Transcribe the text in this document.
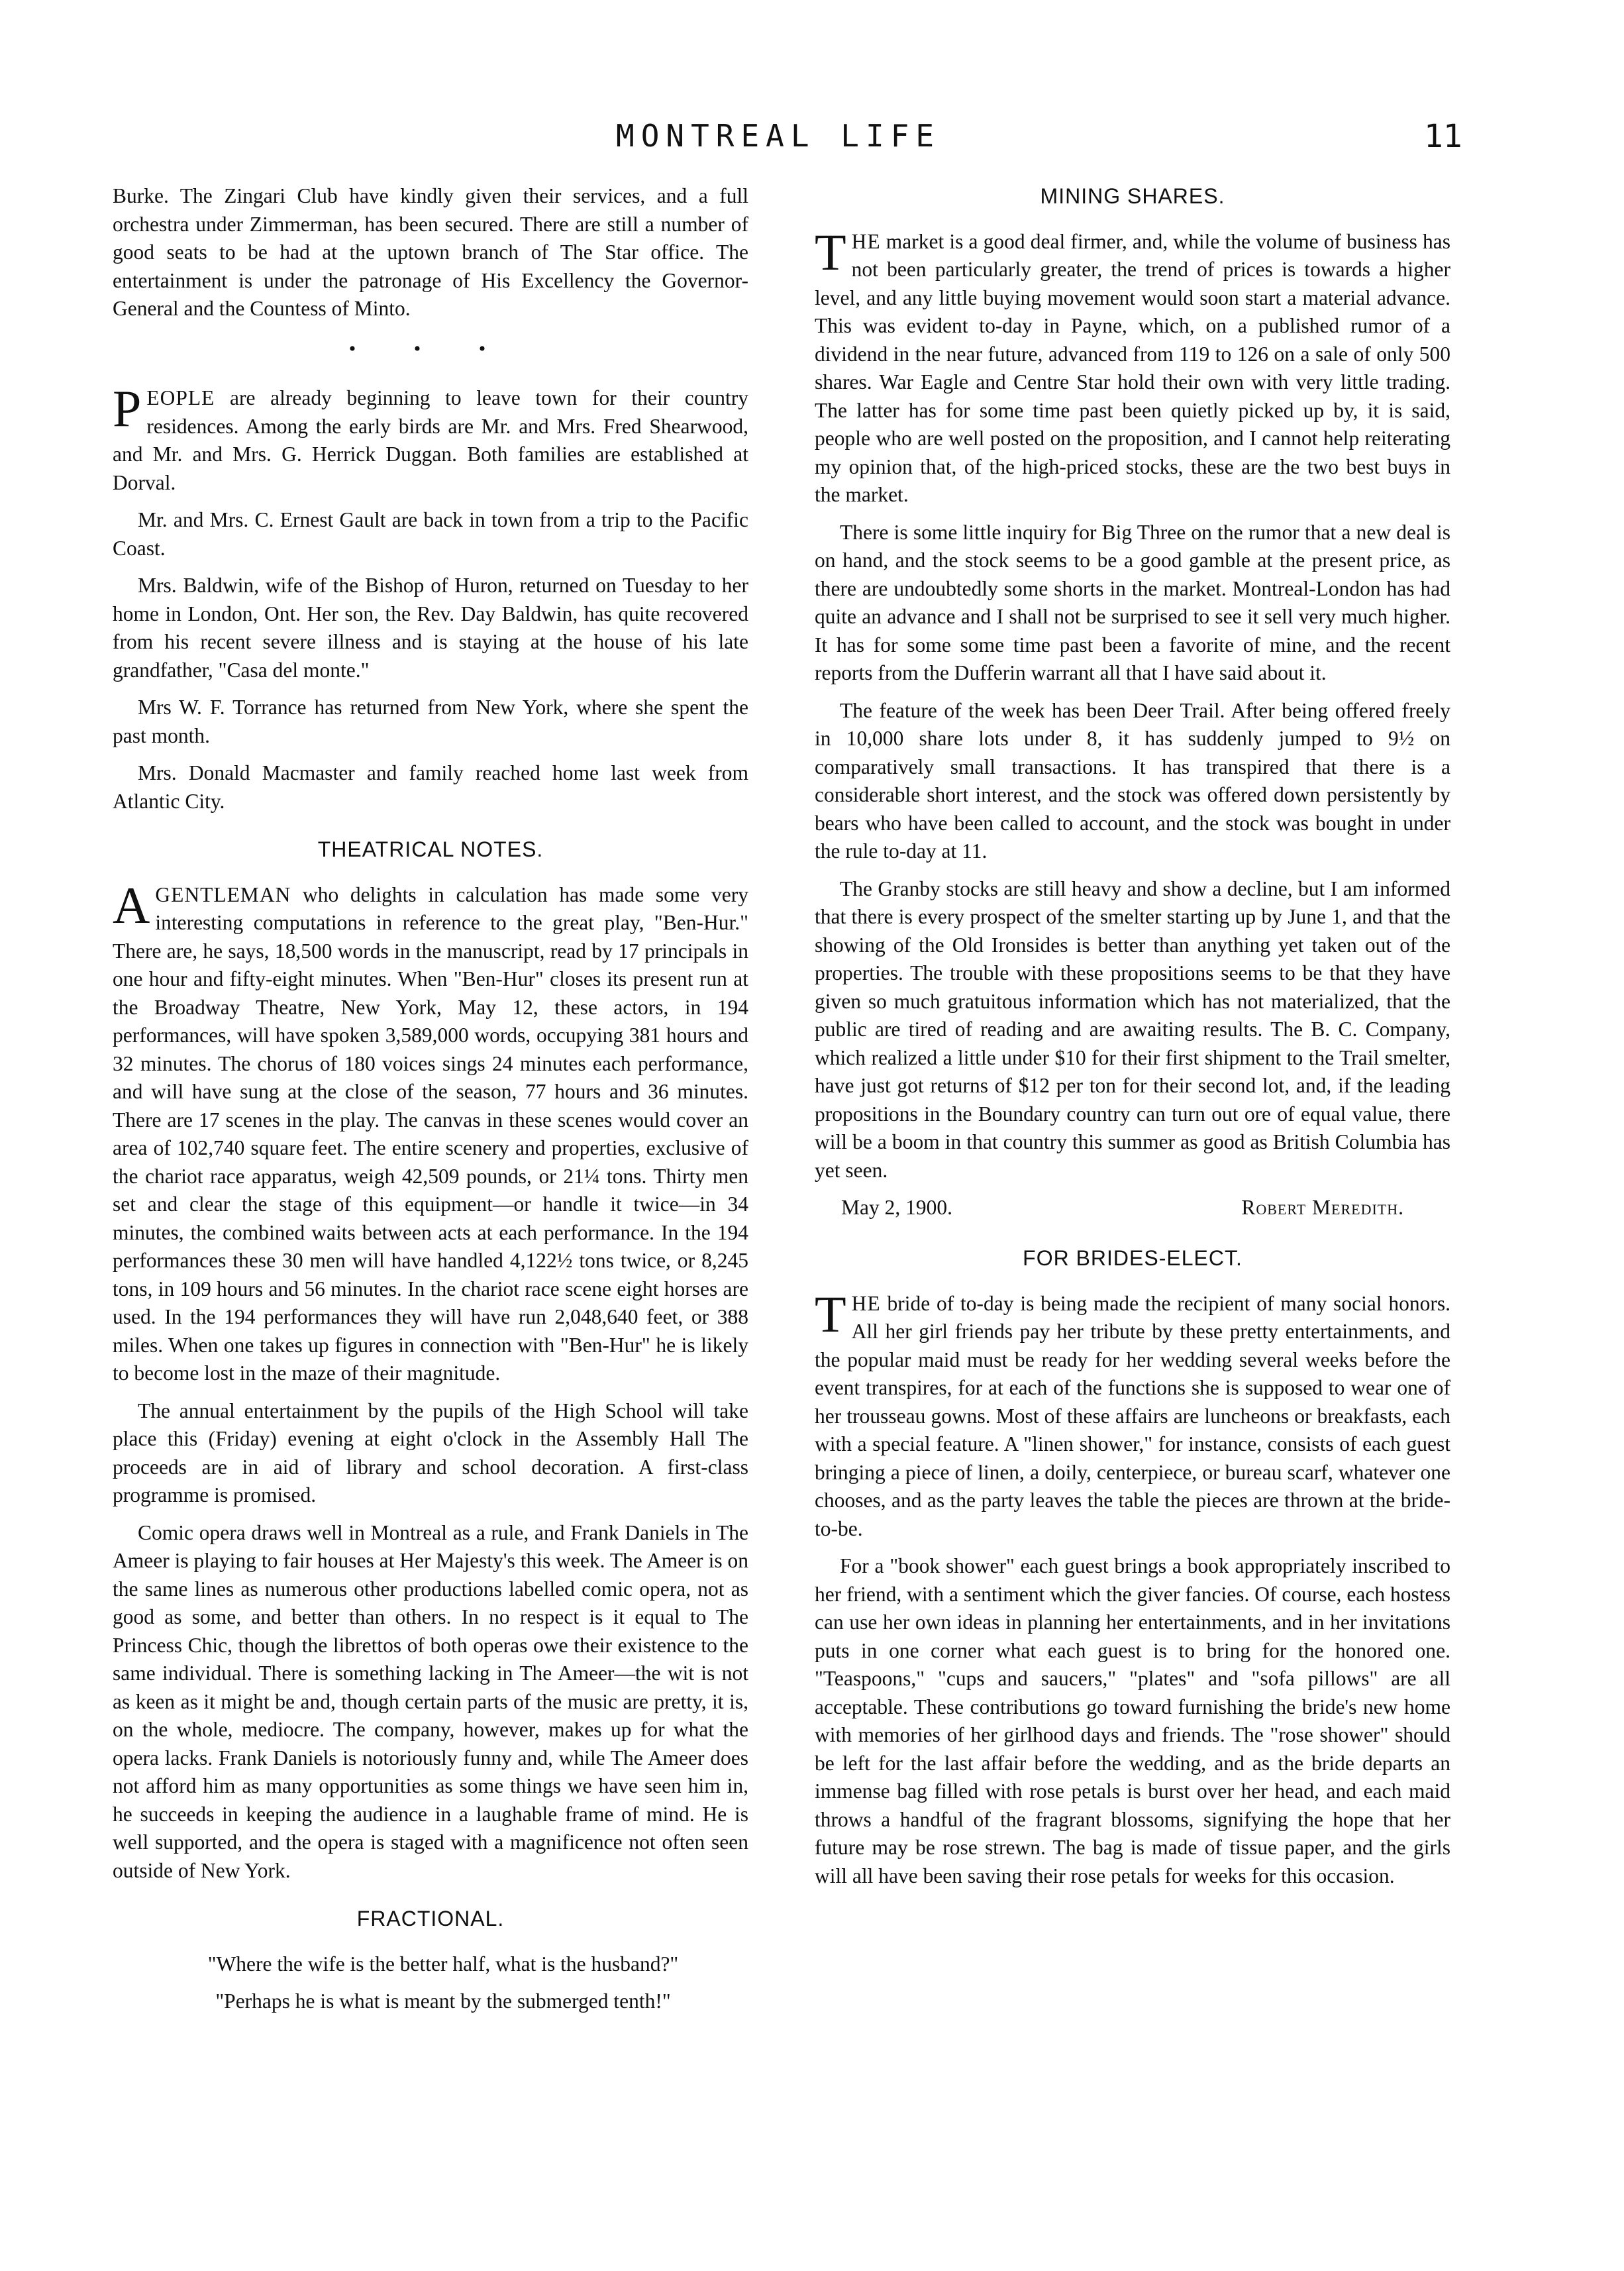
MONTREAL LIFE	11

Burke. The Zingari Club have kindly given their services, and a full orchestra under Zimmerman, has been secured. There are still a number of good seats to be had at the uptown branch of The Star office. The entertainment is under the patronage of His Excellency the Governor-General and the Countess of Minto.

• • •

PEOPLE are already beginning to leave town for their country residences. Among the early birds are Mr. and Mrs. Fred Shearwood, and Mr. and Mrs. G. Herrick Duggan. Both families are established at Dorval.

Mr. and Mrs. C. Ernest Gault are back in town from a trip to the Pacific Coast.

Mrs. Baldwin, wife of the Bishop of Huron, returned on Tuesday to her home in London, Ont. Her son, the Rev. Day Baldwin, has quite recovered from his recent severe illness and is staying at the house of his late grandfather, "Casa del monte."

Mrs W. F. Torrance has returned from New York, where she spent the past month.

Mrs. Donald Macmaster and family reached home last week from Atlantic City.

THEATRICAL NOTES.

AGENTLEMAN who delights in calculation has made some very interesting computations in reference to the great play, "Ben-Hur." There are, he says, 18,500 words in the manuscript, read by 17 principals in one hour and fifty-eight minutes. When "Ben-Hur" closes its present run at the Broadway Theatre, New York, May 12, these actors, in 194 performances, will have spoken 3,589,000 words, occupying 381 hours and 32 minutes. The chorus of 180 voices sings 24 minutes each performance, and will have sung at the close of the season, 77 hours and 36 minutes. There are 17 scenes in the play. The canvas in these scenes would cover an area of 102,740 square feet. The entire scenery and properties, exclusive of the chariot race apparatus, weigh 42,509 pounds, or 21¼ tons. Thirty men set and clear the stage of this equipment—or handle it twice—in 34 minutes, the combined waits between acts at each performance. In the 194 performances these 30 men will have handled 4,122½ tons twice, or 8,245 tons, in 109 hours and 56 minutes. In the chariot race scene eight horses are used. In the 194 performances they will have run 2,048,640 feet, or 388 miles. When one takes up figures in connection with "Ben-Hur" he is likely to become lost in the maze of their magnitude.

The annual entertainment by the pupils of the High School will take place this (Friday) evening at eight o'clock in the Assembly Hall The proceeds are in aid of library and school decoration. A first-class programme is promised.

Comic opera draws well in Montreal as a rule, and Frank Daniels in The Ameer is playing to fair houses at Her Majesty's this week. The Ameer is on the same lines as numerous other productions labelled comic opera, not as good as some, and better than others. In no respect is it equal to The Princess Chic, though the librettos of both operas owe their existence to the same individual. There is something lacking in The Ameer—the wit is not as keen as it might be and, though certain parts of the music are pretty, it is, on the whole, mediocre. The company, however, makes up for what the opera lacks. Frank Daniels is notoriously funny and, while The Ameer does not afford him as many opportunities as some things we have seen him in, he succeeds in keeping the audience in a laughable frame of mind. He is well supported, and the opera is staged with a magnificence not often seen outside of New York.

FRACTIONAL.

"Where the wife is the better half, what is the husband?"

"Perhaps he is what is meant by the submerged tenth!"

MINING SHARES.

THE market is a good deal firmer, and, while the volume of business has not been particularly greater, the trend of prices is towards a higher level, and any little buying movement would soon start a material advance. This was evident to-day in Payne, which, on a published rumor of a dividend in the near future, advanced from 119 to 126 on a sale of only 500 shares. War Eagle and Centre Star hold their own with very little trading. The latter has for some time past been quietly picked up by, it is said, people who are well posted on the proposition, and I cannot help reiterating my opinion that, of the high-priced stocks, these are the two best buys in the market.

There is some little inquiry for Big Three on the rumor that a new deal is on hand, and the stock seems to be a good gamble at the present price, as there are undoubtedly some shorts in the market. Montreal-London has had quite an advance and I shall not be surprised to see it sell very much higher. It has for some some time past been a favorite of mine, and the recent reports from the Dufferin warrant all that I have said about it.

The feature of the week has been Deer Trail. After being offered freely in 10,000 share lots under 8, it has suddenly jumped to 9½ on comparatively small transactions. It has transpired that there is a considerable short interest, and the stock was offered down persistently by bears who have been called to account, and the stock was bought in under the rule to-day at 11.

The Granby stocks are still heavy and show a decline, but I am informed that there is every prospect of the smelter starting up by June 1, and that the showing of the Old Ironsides is better than anything yet taken out of the properties. The trouble with these propositions seems to be that they have given so much gratuitous information which has not materialized, that the public are tired of reading and are awaiting results. The B. C. Company, which realized a little under $10 for their first shipment to the Trail smelter, have just got returns of $12 per ton for their second lot, and, if the leading propositions in the Boundary country can turn out ore of equal value, there will be a boom in that country this summer as good as British Columbia has yet seen.

May 2, 1900.	Robert Meredith.
FOR BRIDES-ELECT.

THE bride of to-day is being made the recipient of many social honors. All her girl friends pay her tribute by these pretty entertainments, and the popular maid must be ready for her wedding several weeks before the event transpires, for at each of the functions she is supposed to wear one of her trousseau gowns. Most of these affairs are luncheons or breakfasts, each with a special feature. A "linen shower," for instance, consists of each guest bringing a piece of linen, a doily, centerpiece, or bureau scarf, whatever one chooses, and as the party leaves the table the pieces are thrown at the bride-to-be.

For a "book shower" each guest brings a book appropriately inscribed to her friend, with a sentiment which the giver fancies. Of course, each hostess can use her own ideas in planning her entertainments, and in her invitations puts in one corner what each guest is to bring for the honored one. "Teaspoons," "cups and saucers," "plates" and "sofa pillows" are all acceptable. These contributions go toward furnishing the bride's new home with memories of her girlhood days and friends. The "rose shower" should be left for the last affair before the wedding, and as the bride departs an immense bag filled with rose petals is burst over her head, and each maid throws a handful of the fragrant blossoms, signifying the hope that her future may be rose strewn. The bag is made of tissue paper, and the girls will all have been saving their rose petals for weeks for this occasion.
